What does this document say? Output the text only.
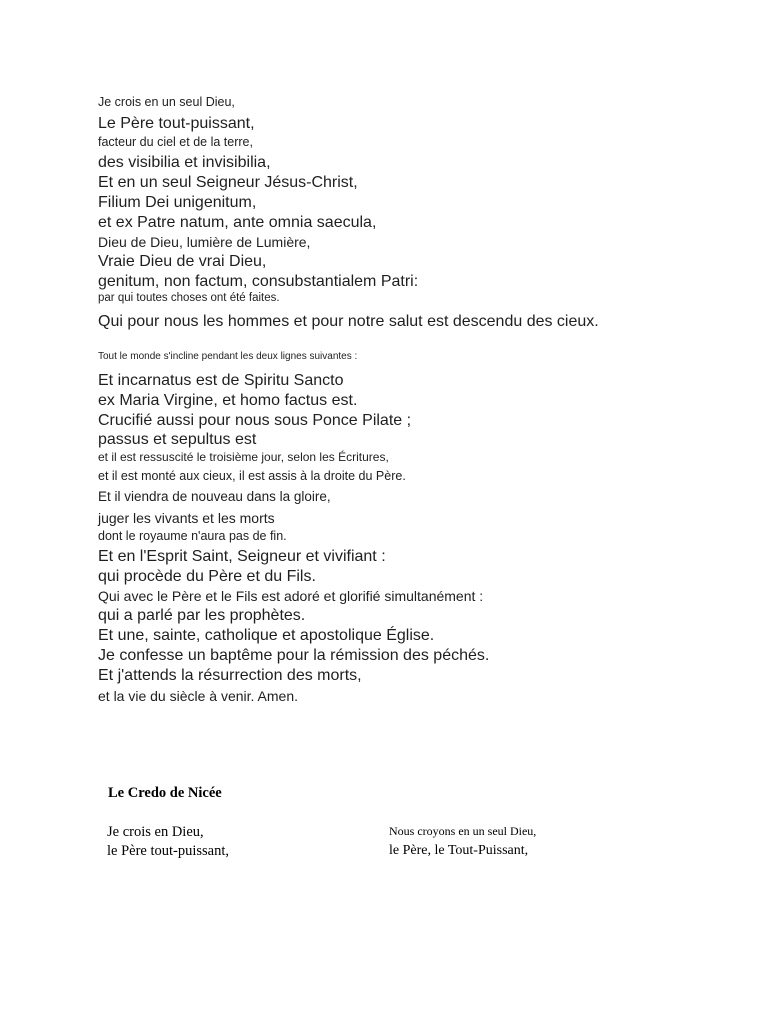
Je crois en un seul Dieu,
Le Père tout-puissant,
facteur du ciel et de la terre,
des visibilia et invisibilia,
Et en un seul Seigneur Jésus-Christ,
Filium Dei unigenitum,
et ex Patre natum, ante omnia saecula,
Dieu de Dieu, lumière de Lumière,
Vraie Dieu de vrai Dieu,
genitum, non factum, consubstantialem Patri:
par qui toutes choses ont été faites.
Qui pour nous les hommes et pour notre salut est descendu des cieux.
Tout le monde s'incline pendant les deux lignes suivantes :
Et incarnatus est de Spiritu Sancto
ex Maria Virgine, et homo factus est.
Crucifié aussi pour nous sous Ponce Pilate ;
passus et sepultus est
et il est ressuscité le troisième jour, selon les Écritures,
et il est monté aux cieux, il est assis à la droite du Père.
Et il viendra de nouveau dans la gloire,
juger les vivants et les morts
dont le royaume n'aura pas de fin.
Et en l'Esprit Saint, Seigneur et vivifiant :
qui procède du Père et du Fils.
Qui avec le Père et le Fils est adoré et glorifié simultanément :
qui a parlé par les prophètes.
Et une, sainte, catholique et apostolique Église.
Je confesse un baptême pour la rémission des péchés.
Et j'attends la résurrection des morts,
et la vie du siècle à venir. Amen.
Le Credo de Nicée
Je crois en Dieu,
le Père tout-puissant,
Nous croyons en un seul Dieu,
le Père, le Tout-Puissant,
